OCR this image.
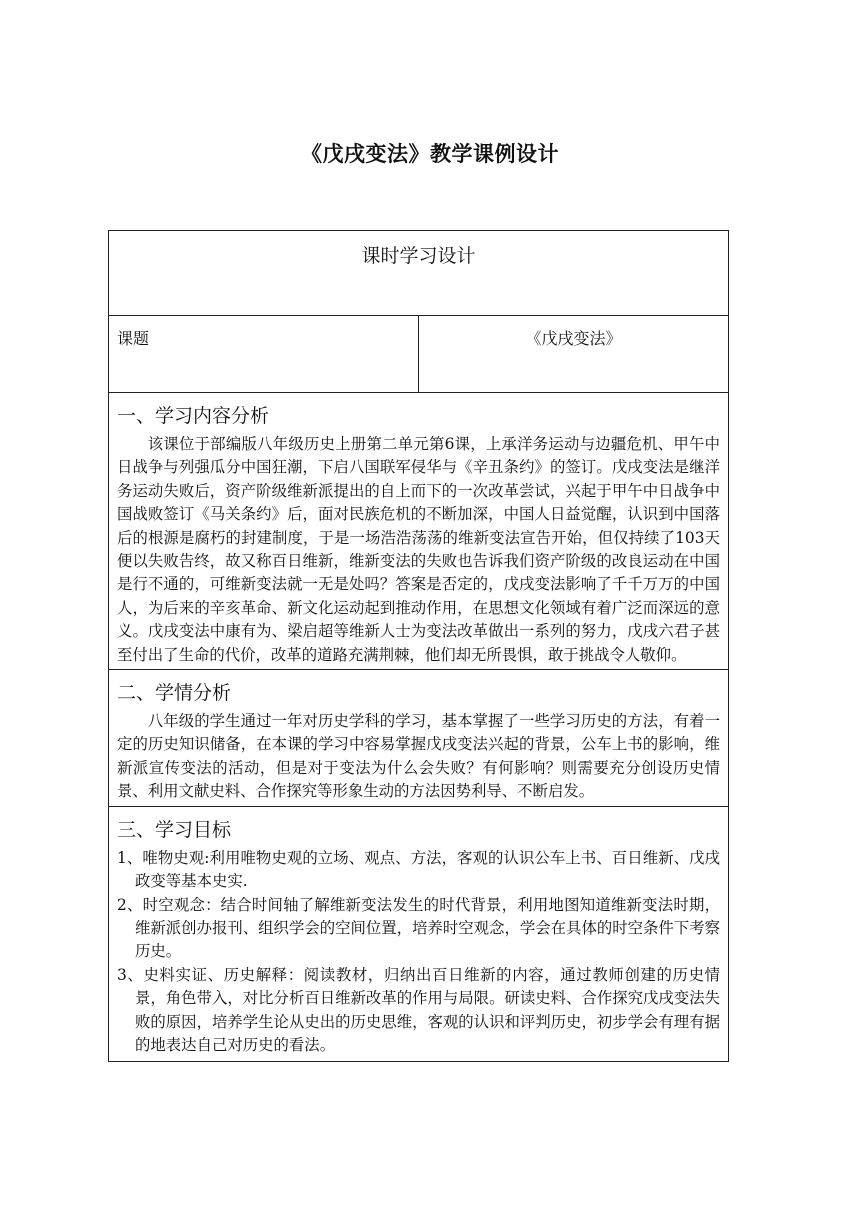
《戊戌变法》教学课例设计
课时学习设计
课题	《戊戌变法》

一、学习内容分析

该课位于部编版八年级历史上册第二单元第6课，上承洋务运动与边疆危机、甲午中日战争与列强瓜分中国狂潮，下启八国联军侵华与《辛丑条约》的签订。戊戌变法是继洋务运动失败后，资产阶级维新派提出的自上而下的一次改革尝试，兴起于甲午中日战争中国战败签订《马关条约》后，面对民族危机的不断加深，中国人日益觉醒，认识到中国落后的根源是腐朽的封建制度，于是一场浩浩荡荡的维新变法宣告开始，但仅持续了103天便以失败告终，故又称百日维新，维新变法的失败也告诉我们资产阶级的改良运动在中国是行不通的，可维新变法就一无是处吗？答案是否定的，戊戌变法影响了千千万万的中国人，为后来的辛亥革命、新文化运动起到推动作用，在思想文化领域有着广泛而深远的意义。戊戌变法中康有为、梁启超等维新人士为变法改革做出一系列的努力，戊戌六君子甚至付出了生命的代价，改革的道路充满荆棘，他们却无所畏惧，敢于挑战令人敬仰。

二、学情分析

八年级的学生通过一年对历史学科的学习，基本掌握了一些学习历史的方法，有着一定的历史知识储备，在本课的学习中容易掌握戊戌变法兴起的背景，公车上书的影响，维新派宣传变法的活动，但是对于变法为什么会失败？有何影响？则需要充分创设历史情景、利用文献史料、合作探究等形象生动的方法因势利导、不断启发。

三、学习目标
1、唯物史观:利用唯物史观的立场、观点、方法，客观的认识公车上书、百日维新、戊戌政变等基本史实.
2、时空观念：结合时间轴了解维新变法发生的时代背景，利用地图知道维新变法时期，维新派创办报刊、组织学会的空间位置，培养时空观念，学会在具体的时空条件下考察历史。
3、史料实证、历史解释：阅读教材，归纳出百日维新的内容，通过教师创建的历史情景，角色带入，对比分析百日维新改革的作用与局限。研读史料、合作探究戊戌变法失败的原因，培养学生论从史出的历史思维，客观的认识和评判历史，初步学会有理有据的地表达自己对历史的看法。
